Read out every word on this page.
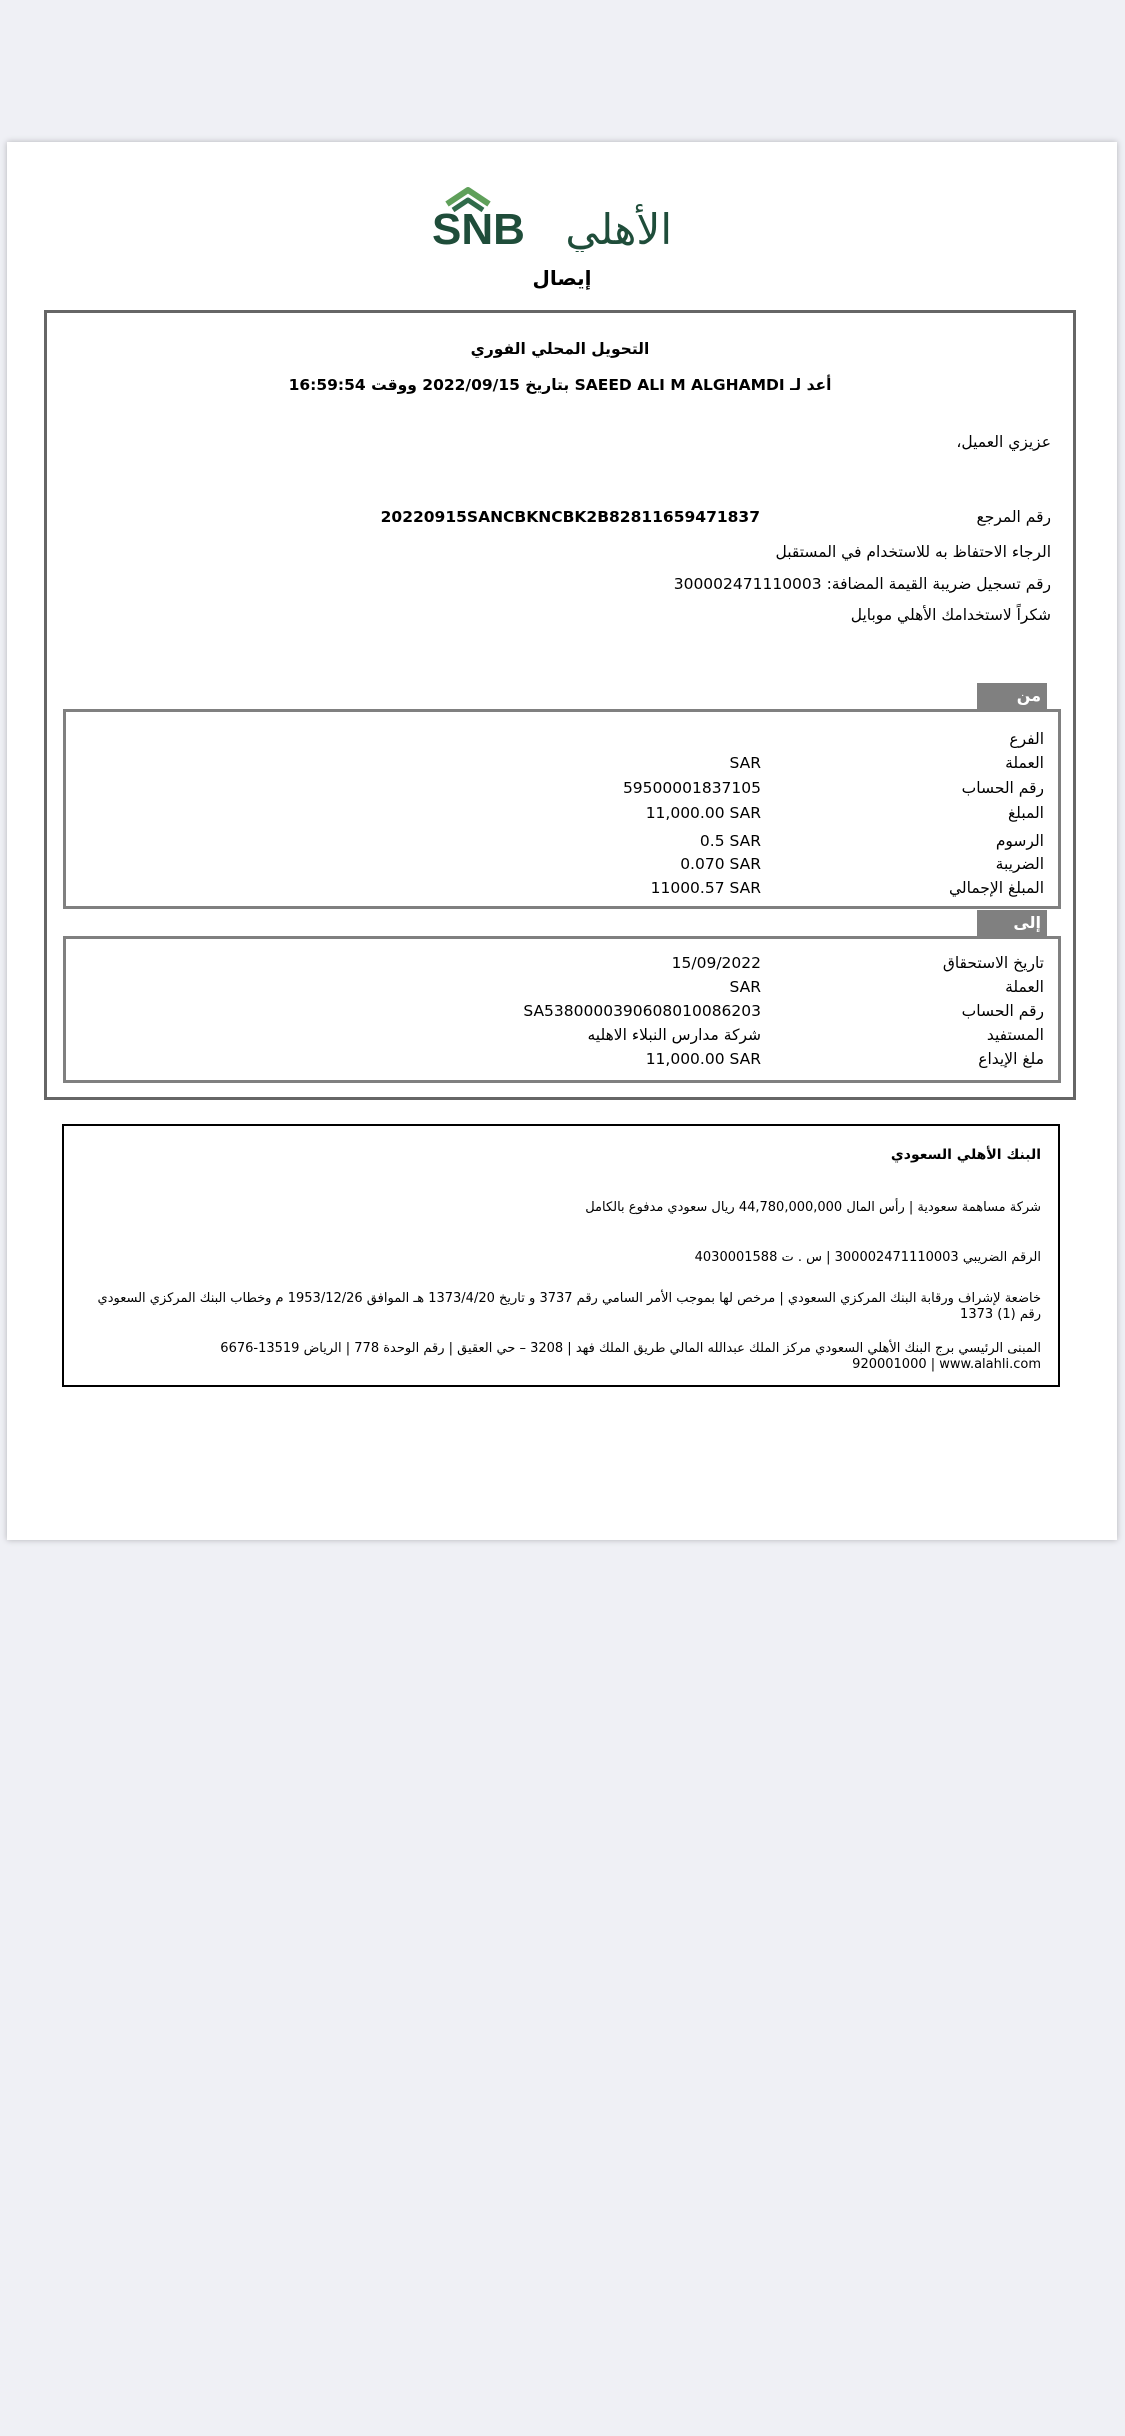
SNB الأهلي
إيصال
التحويل المحلي الفوري
أعد لـ SAEED ALI M ALGHAMDI بتاريخ 2022/09/15 ووقت 16:59:54
عزيزي العميل،
رقم المرجع
20220915SANCBKNCBK2B82811659471837
الرجاء الاحتفاظ به للاستخدام في المستقبل
رقم تسجيل ضريبة القيمة المضافة: 300002471110003
شكراً لاستخدامك الأهلي موبايل
من
الفرع
العملة
SAR
رقم الحساب
59500001837105
المبلغ
11,000.00 SAR
الرسوم
0.5 SAR
الضريبة
0.070 SAR
المبلغ الإجمالي
11000.57 SAR
إلى
تاريخ الاستحقاق
15/09/2022
العملة
SAR
رقم الحساب
SA5380000390608010086203
المستفيد
شركة مدارس النبلاء الاهليه
ملغ الإيداع
11,000.00 SAR
البنك الأهلي السعودي
شركة مساهمة سعودية | رأس المال 44,780,000,000 ريال سعودي مدفوع بالكامل
الرقم الضريبي 300002471110003 | س . ت 4030001588
خاضعة لإشراف ورقابة البنك المركزي السعودي | مرخص لها بموجب الأمر السامي رقم 3737 و تاريخ 1373/4/20 هـ الموافق 1953/12/26 م وخطاب البنك المركزي السعودي
رقم (1) 1373
المبنى الرئيسي برج البنك الأهلي السعودي مركز الملك عبدالله المالي طريق الملك فهد | 3208 – حي العقيق | رقم الوحدة 778 | الرياض 13519-6676
920001000 | www.alahli.com
